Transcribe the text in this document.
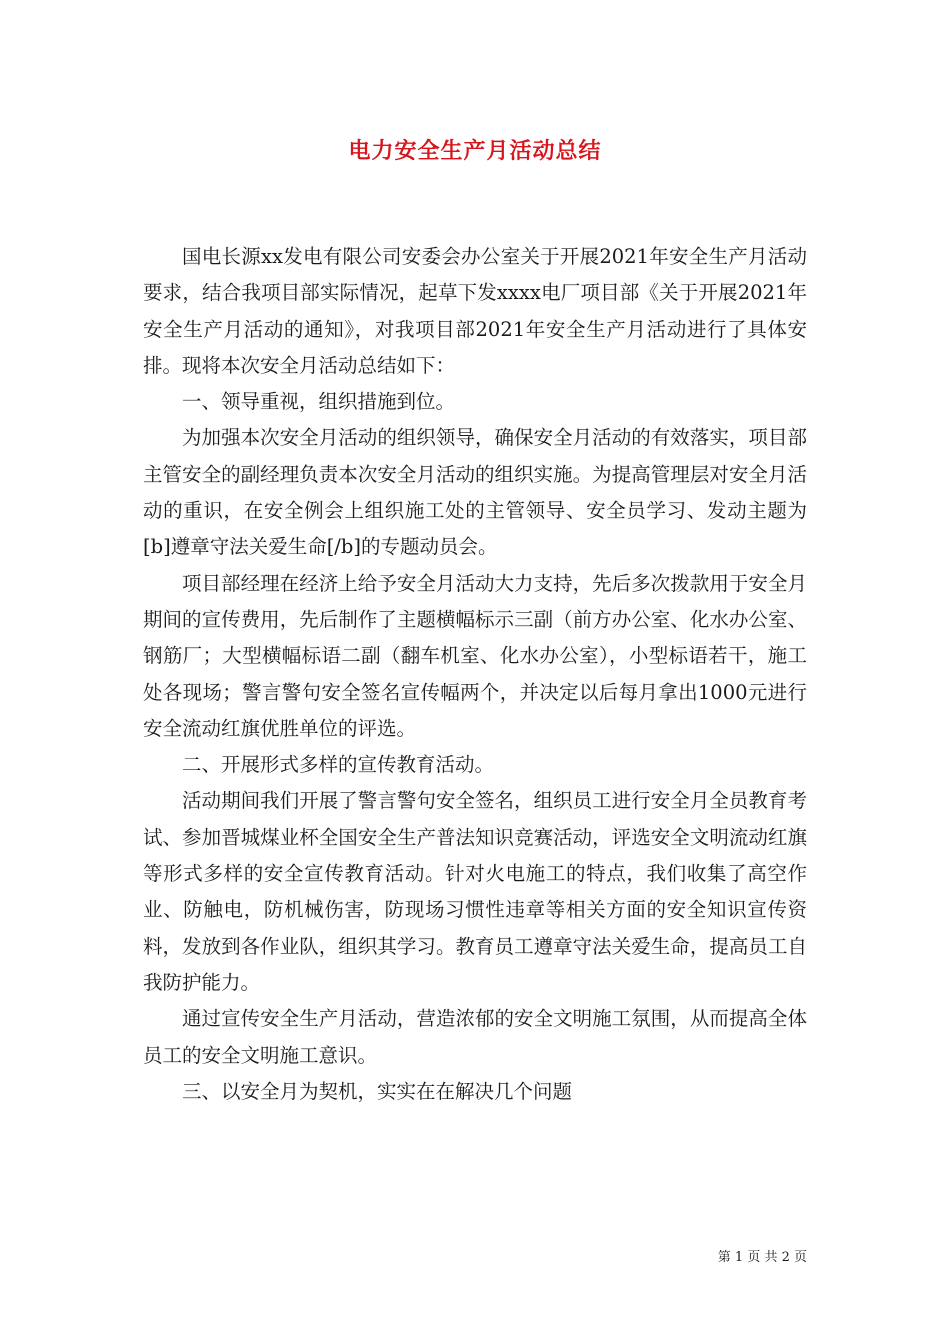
电力安全生产月活动总结

国电长源xx发电有限公司安委会办公室关于开展2021年安全生产月活动要求，结合我项目部实际情况，起草下发xxxx电厂项目部《关于开展2021年安全生产月活动的通知》，对我项目部2021年安全生产月活动进行了具体安排。现将本次安全月活动总结如下：

一、领导重视，组织措施到位。

为加强本次安全月活动的组织领导，确保安全月活动的有效落实，项目部主管安全的副经理负责本次安全月活动的组织实施。为提高管理层对安全月活动的重识，在安全例会上组织施工处的主管领导、安全员学习、发动主题为[b]遵章守法关爱生命[/b]的专题动员会。

项目部经理在经济上给予安全月活动大力支持，先后多次拨款用于安全月期间的宣传费用，先后制作了主题横幅标示三副（前方办公室、化水办公室、钢筋厂；大型横幅标语二副（翻车机室、化水办公室），小型标语若干，施工处各现场；警言警句安全签名宣传幅两个，并决定以后每月拿出1000元进行安全流动红旗优胜单位的评选。

二、开展形式多样的宣传教育活动。

活动期间我们开展了警言警句安全签名，组织员工进行安全月全员教育考试、参加晋城煤业杯全国安全生产普法知识竞赛活动，评选安全文明流动红旗等形式多样的安全宣传教育活动。针对火电施工的特点，我们收集了高空作业、防触电，防机械伤害，防现场习惯性违章等相关方面的安全知识宣传资料，发放到各作业队，组织其学习。教育员工遵章守法关爱生命，提高员工自我防护能力。

通过宣传安全生产月活动，营造浓郁的安全文明施工氛围，从而提高全体员工的安全文明施工意识。

三、以安全月为契机，实实在在解决几个问题

第 1 页 共 2 页
